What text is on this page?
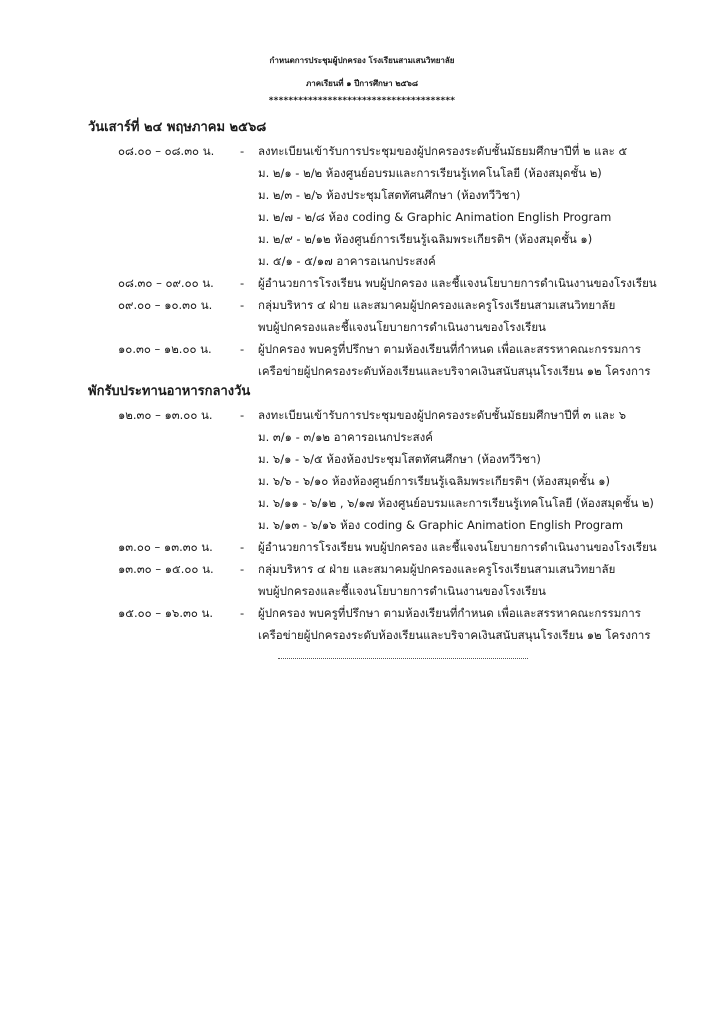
กำหนดการประชุมผู้ปกครอง โรงเรียนสามเสนวิทยาลัย
ภาคเรียนที่ ๑ ปีการศึกษา ๒๕๖๘
**************************************
วันเสาร์ที่ ๒๔ พฤษภาคม ๒๕๖๘
๐๘.๐๐ – ๐๘.๓๐ น.	- ลงทะเบียนเข้ารับการประชุมของผู้ปกครองระดับชั้นมัธยมศึกษาปีที่ ๒ และ ๕
ม. ๒/๑ - ๒/๒ ห้องศูนย์อบรมและการเรียนรู้เทคโนโลยี (ห้องสมุดชั้น ๒)
ม. ๒/๓ - ๒/๖ ห้องประชุมโสตทัศนศึกษา (ห้องทวีวิชา)
ม. ๒/๗ - ๒/๘ ห้อง coding & Graphic Animation English Program
ม. ๒/๙ - ๒/๑๒ ห้องศูนย์การเรียนรู้เฉลิมพระเกียรติฯ (ห้องสมุดชั้น ๑)
ม. ๕/๑ - ๕/๑๗ อาคารอเนกประสงค์
๐๘.๓๐ – ๐๙.๐๐ น.	- ผู้อำนวยการโรงเรียน พบผู้ปกครอง และชี้แจงนโยบายการดำเนินงานของโรงเรียน
๐๙.๐๐ – ๑๐.๓๐ น.	- กลุ่มบริหาร ๔ ฝ่าย และสมาคมผู้ปกครองและครูโรงเรียนสามเสนวิทยาลัย
พบผู้ปกครองและชี้แจงนโยบายการดำเนินงานของโรงเรียน
๑๐.๓๐ – ๑๒.๐๐ น.	- ผู้ปกครอง พบครูที่ปรึกษา ตามห้องเรียนที่กำหนด เพื่อและสรรหาคณะกรรมการ
เครือข่ายผู้ปกครองระดับห้องเรียนและบริจาคเงินสนับสนุนโรงเรียน ๑๒ โครงการ
พักรับประทานอาหารกลางวัน
๑๒.๓๐ – ๑๓.๐๐ น.	- ลงทะเบียนเข้ารับการประชุมของผู้ปกครองระดับชั้นมัธยมศึกษาปีที่ ๓ และ ๖
ม. ๓/๑ - ๓/๑๒ อาคารอเนกประสงค์
ม. ๖/๑ - ๖/๕ ห้องห้องประชุมโสตทัศนศึกษา (ห้องทวีวิชา)
ม. ๖/๖ - ๖/๑๐ ห้องห้องศูนย์การเรียนรู้เฉลิมพระเกียรติฯ (ห้องสมุดชั้น ๑)
ม. ๖/๑๑ - ๖/๑๒ , ๖/๑๗ ห้องศูนย์อบรมและการเรียนรู้เทคโนโลยี (ห้องสมุดชั้น ๒)
ม. ๖/๑๓ - ๖/๑๖ ห้อง coding & Graphic Animation English Program
๑๓.๐๐ – ๑๓.๓๐ น.	- ผู้อำนวยการโรงเรียน พบผู้ปกครอง และชี้แจงนโยบายการดำเนินงานของโรงเรียน
๑๓.๓๐ – ๑๕.๐๐ น.	- กลุ่มบริหาร ๔ ฝ่าย และสมาคมผู้ปกครองและครูโรงเรียนสามเสนวิทยาลัย
พบผู้ปกครองและชี้แจงนโยบายการดำเนินงานของโรงเรียน
๑๕.๐๐ – ๑๖.๓๐ น.	- ผู้ปกครอง พบครูที่ปรึกษา ตามห้องเรียนที่กำหนด เพื่อและสรรหาคณะกรรมการ
เครือข่ายผู้ปกครองระดับห้องเรียนและบริจาคเงินสนับสนุนโรงเรียน ๑๒ โครงการ
